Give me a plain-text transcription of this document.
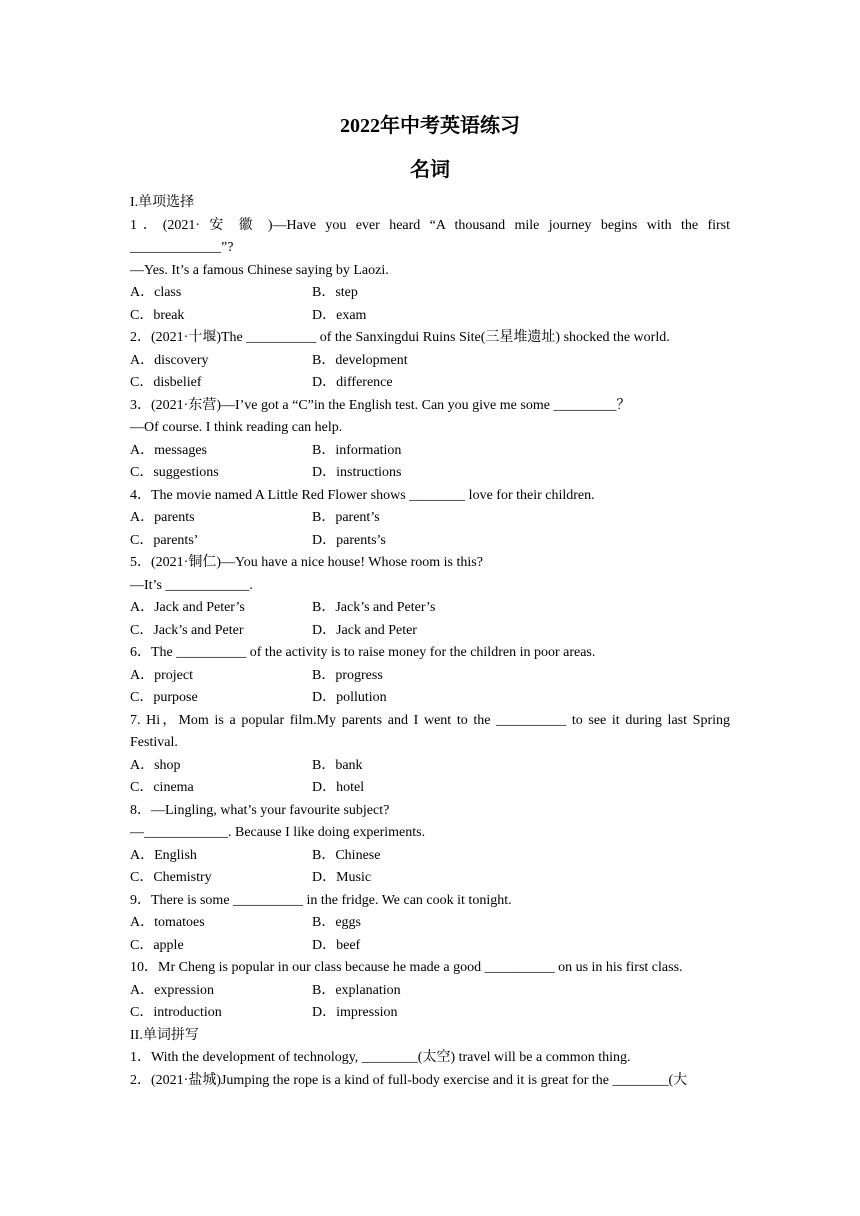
2022年中考英语练习
名词
I.单项选择
1．(2021· 安 徽 )—Have you ever heard “A thousand mile journey begins with the first
_____________”?
—Yes. It’s a famous Chinese saying by Laozi.
A．class	B．step
C．break	D．exam
2．(2021·十堰)The __________ of the Sanxingdui Ruins Site(三星堆遗址) shocked the world.
A．discovery	B．development
C．disbelief	D．difference
3．(2021·东营)—I’ve got a “C”in the English test. Can you give me some _________？
—Of course. I think reading can help.
A．messages	B．information
C．suggestions	D．instructions
4．The movie named A Little Red Flower shows ________ love for their children.
A．parents	B．parent’s
C．parents’	D．parents’s
5．(2021·铜仁)—You have a nice house! Whose room is this?
—It’s ____________.
A．Jack and Peter’s	B．Jack’s and Peter’s
C．Jack’s and Peter	D．Jack and Peter
6．The __________ of the activity is to raise money for the children in poor areas.
A．project	B．progress
C．purpose	D．pollution
7. Hi，Mom is a popular film.My parents and I went to the __________ to see it during last Spring
Festival.
A．shop	B．bank
C．cinema	D．hotel
8．—Lingling, what’s your favourite subject?
—____________. Because I like doing experiments.
A．English	B．Chinese
C．Chemistry	D．Music
9．There is some __________ in the fridge. We can cook it tonight.
A．tomatoes	B．eggs
C．apple	D．beef
10．Mr Cheng is popular in our class because he made a good __________ on us in his first class.
A．expression	B．explanation
C．introduction	D．impression
II.单词拼写
1．With the development of technology, ________(太空) travel will be a common thing.
2．(2021·盐城)Jumping the rope is a kind of full-body exercise and it is great for the ________(大
